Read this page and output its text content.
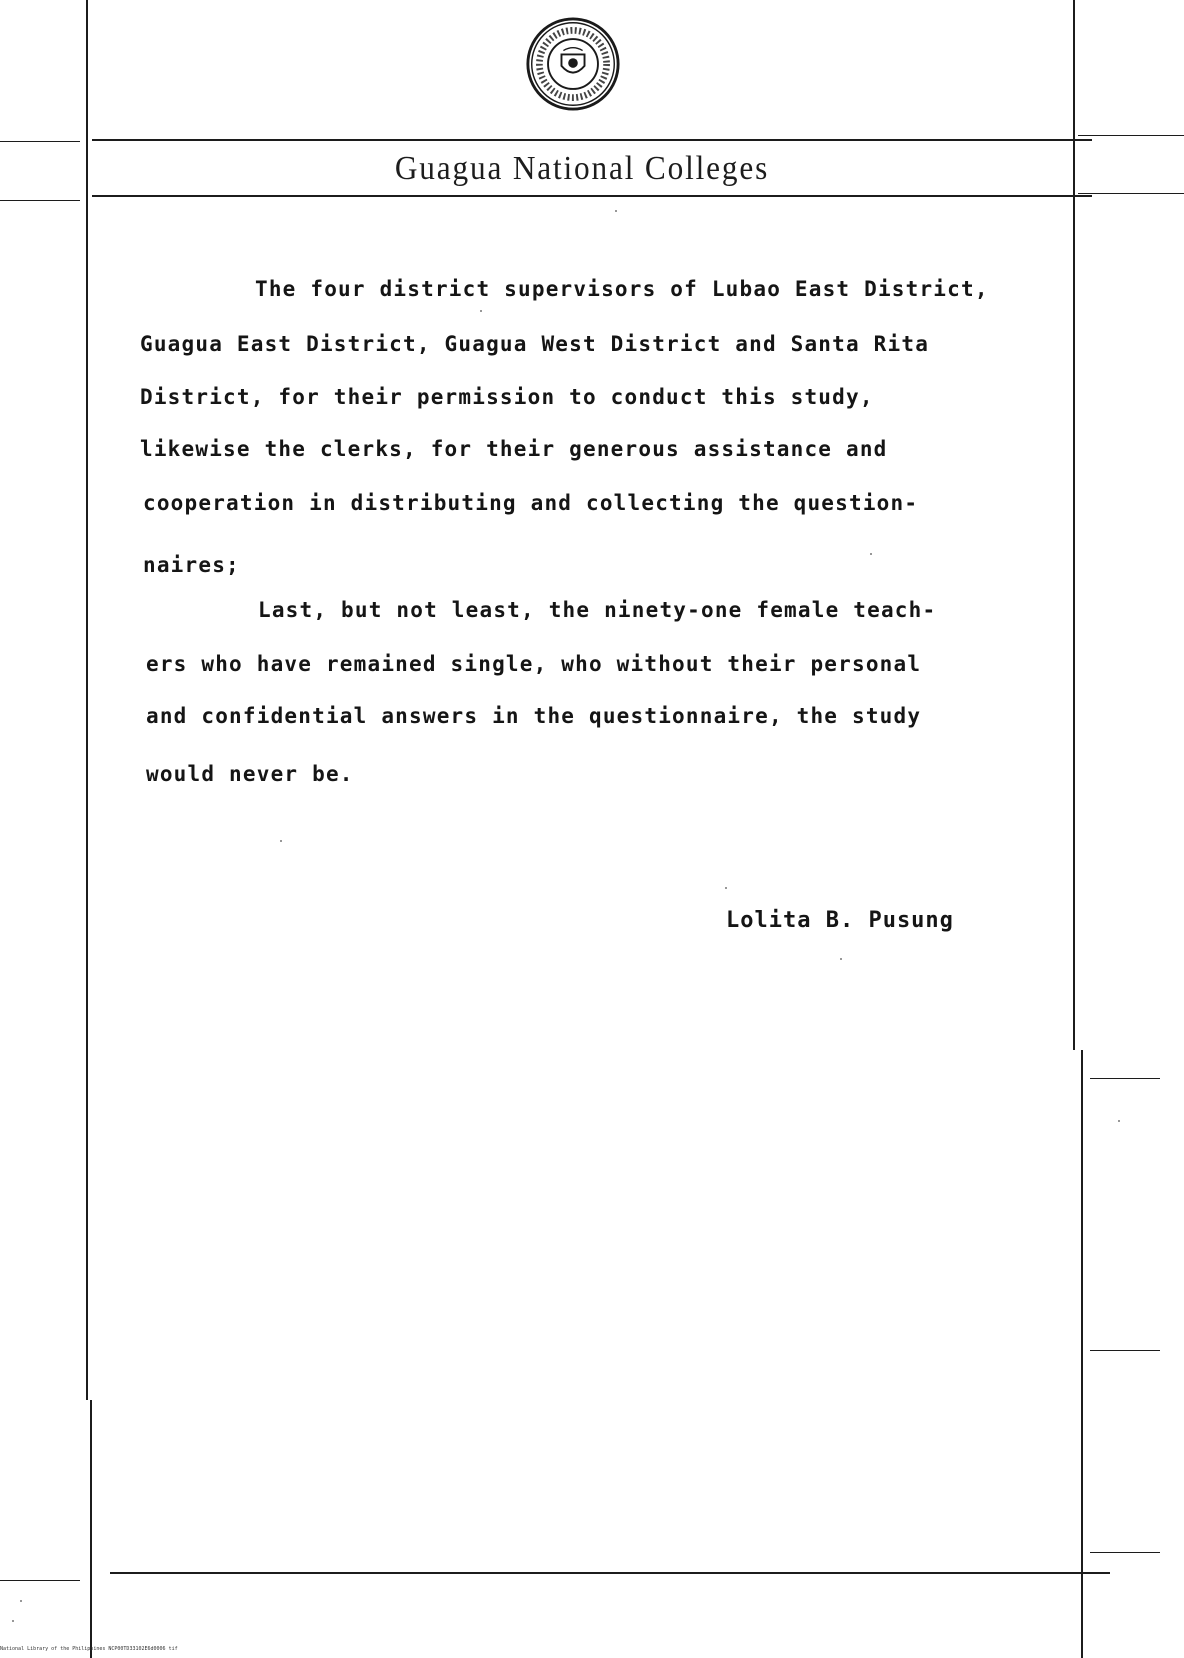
Guagua National Colleges
The four district supervisors of Lubao East District,
Guagua East District, Guagua West District and Santa Rita
District, for their permission to conduct this study,
likewise the clerks, for their generous assistance and
cooperation in distributing and collecting the question-
naires;
Last, but not least, the ninety-one female teach-
ers who have remained single, who without their personal
and confidential answers in the questionnaire, the study
would never be.
Lolita B. Pusung
National Library of the Philippines NCP00TD33102E6d0006 tif
